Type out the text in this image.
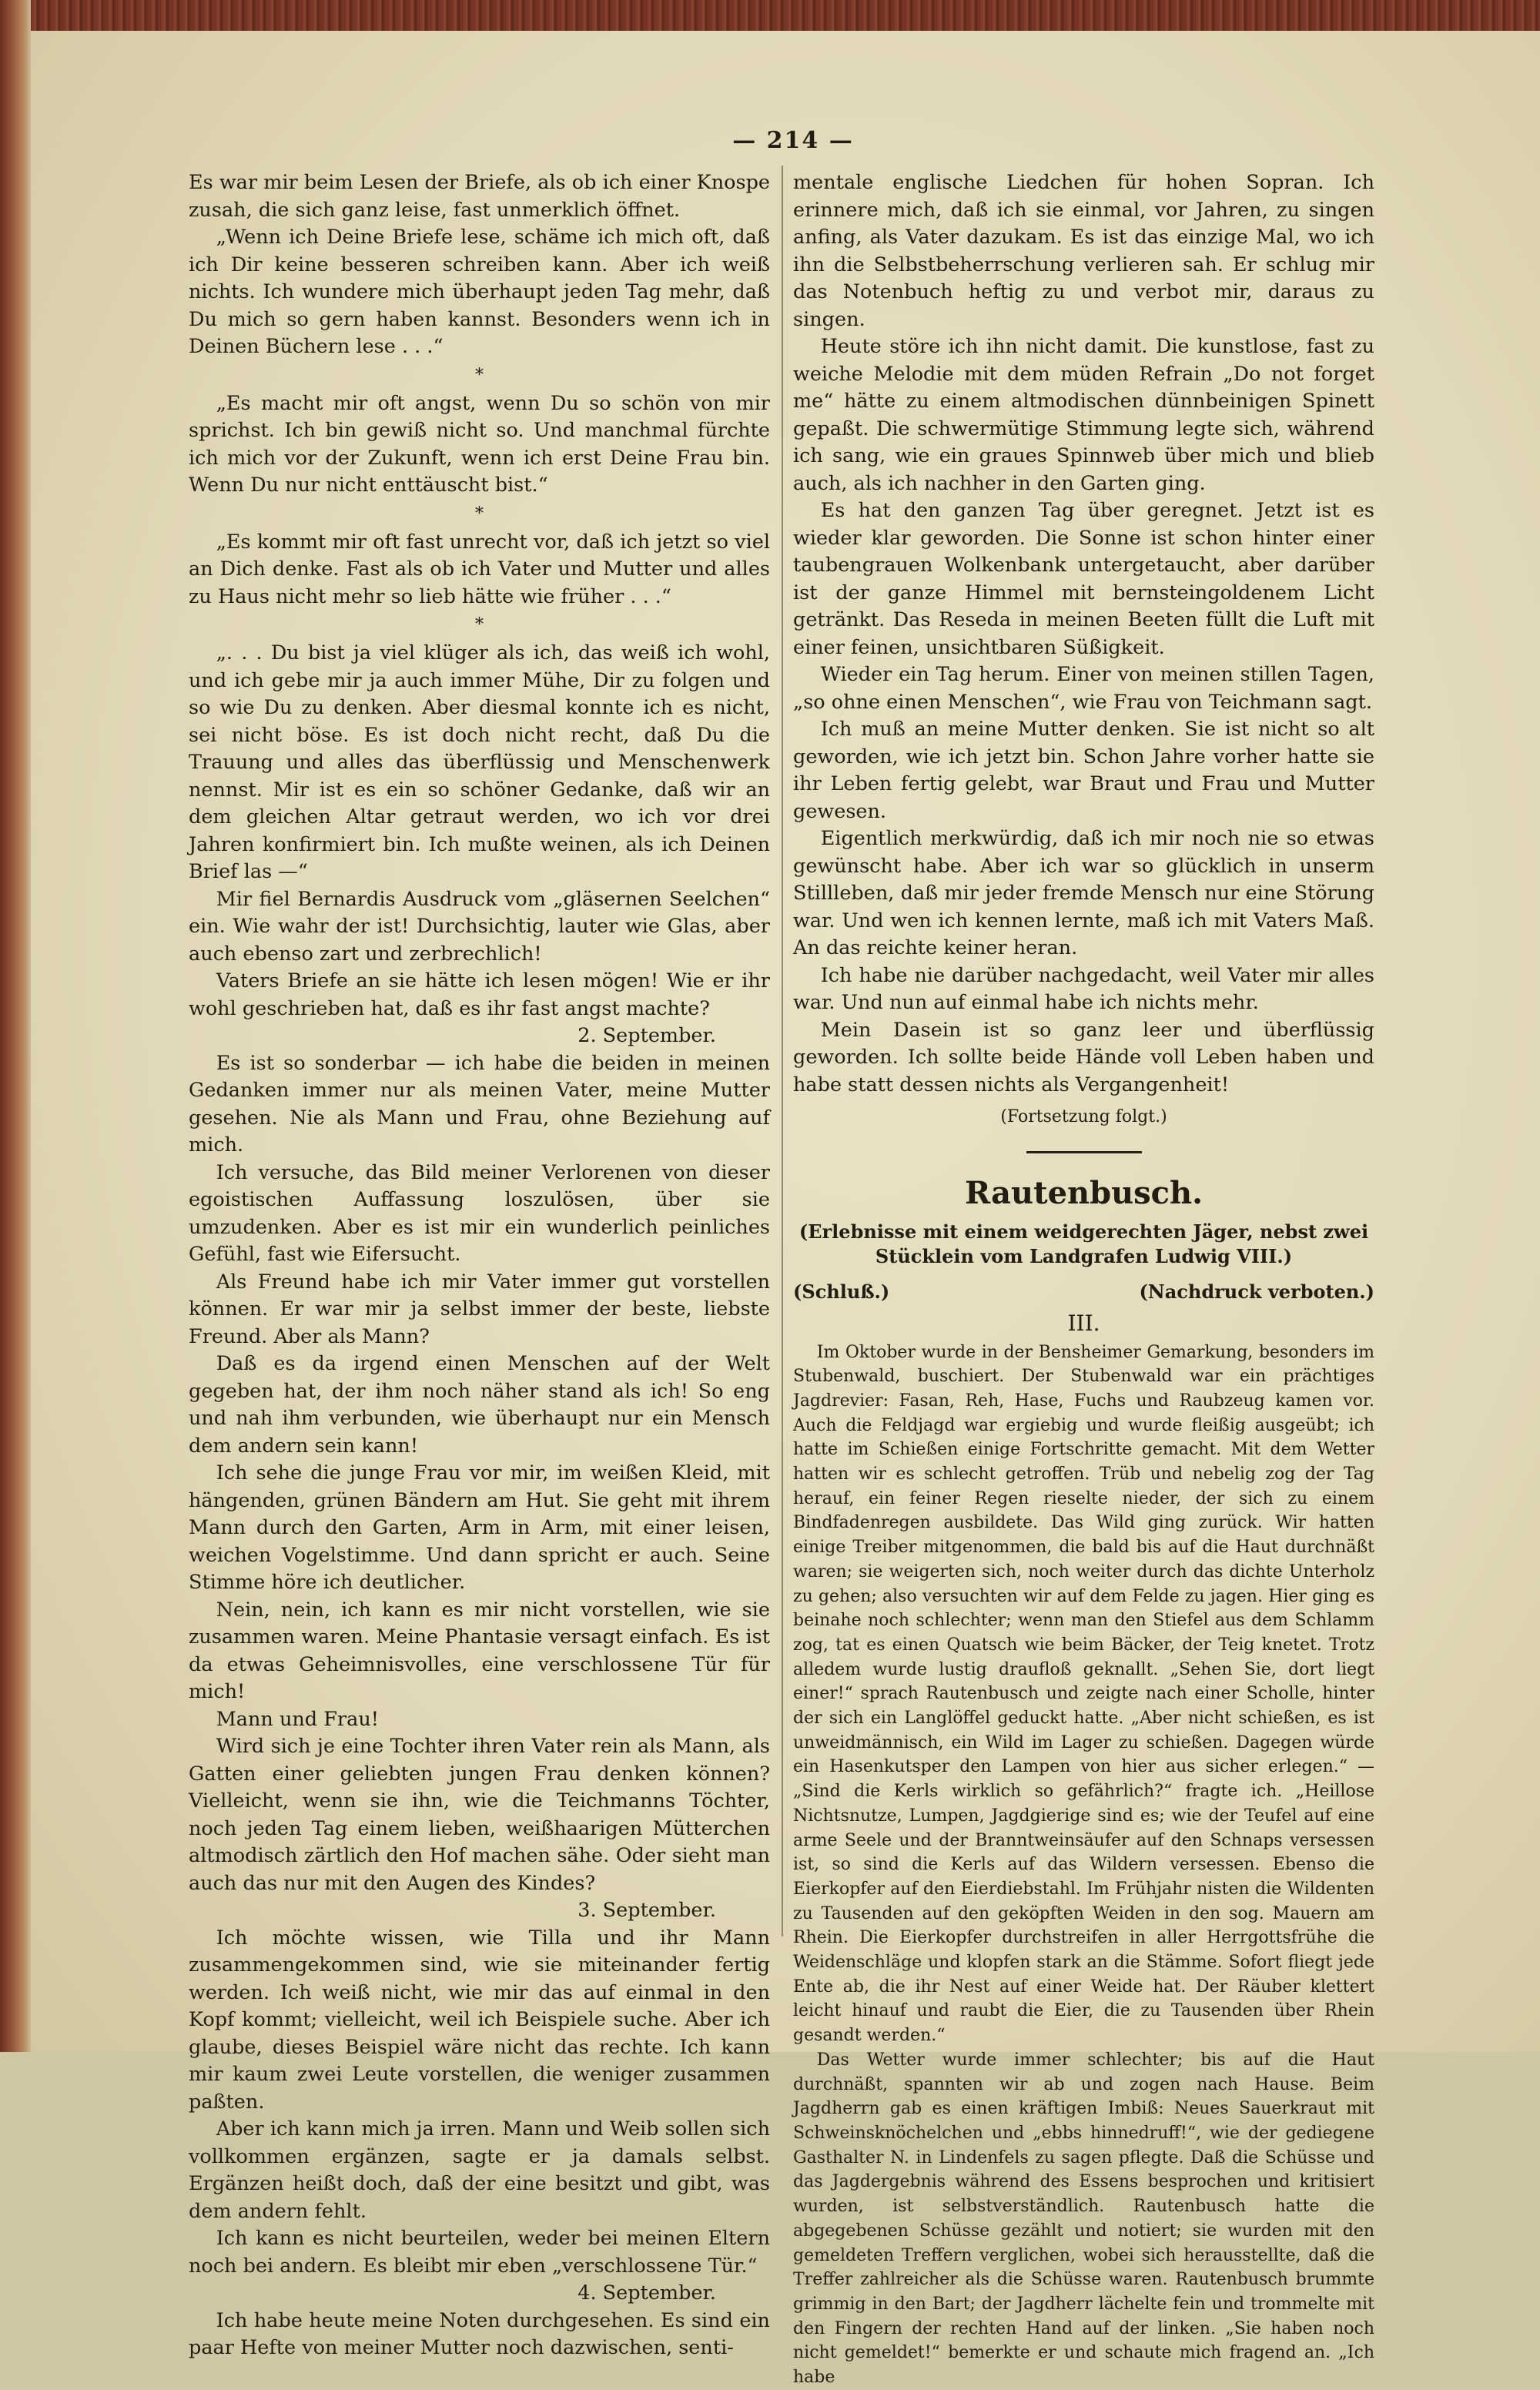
— 214 —

Es war mir beim Lesen der Briefe, als ob ich einer Knospe zusah, die sich ganz leise, fast unmerklich öffnet.

„Wenn ich Deine Briefe lese, schäme ich mich oft, daß ich Dir keine besseren schreiben kann. Aber ich weiß nichts. Ich wundere mich überhaupt jeden Tag mehr, daß Du mich so gern haben kannst. Besonders wenn ich in Deinen Büchern lese . . .“

*

„Es macht mir oft angst, wenn Du so schön von mir sprichst. Ich bin gewiß nicht so. Und manchmal fürchte ich mich vor der Zukunft, wenn ich erst Deine Frau bin. Wenn Du nur nicht enttäuscht bist.“

*

„Es kommt mir oft fast unrecht vor, daß ich jetzt so viel an Dich denke. Fast als ob ich Vater und Mutter und alles zu Haus nicht mehr so lieb hätte wie früher . . .“

*

„. . . Du bist ja viel klüger als ich, das weiß ich wohl, und ich gebe mir ja auch immer Mühe, Dir zu folgen und so wie Du zu denken. Aber diesmal konnte ich es nicht, sei nicht böse. Es ist doch nicht recht, daß Du die Trauung und alles das überflüssig und Menschenwerk nennst. Mir ist es ein so schöner Gedanke, daß wir an dem gleichen Altar getraut werden, wo ich vor drei Jahren konfirmiert bin. Ich mußte weinen, als ich Deinen Brief las —“

Mir fiel Bernardis Ausdruck vom „gläsernen Seelchen“ ein. Wie wahr der ist! Durchsichtig, lauter wie Glas, aber auch ebenso zart und zerbrechlich!

Vaters Briefe an sie hätte ich lesen mögen! Wie er ihr wohl geschrieben hat, daß es ihr fast angst machte?

2. September.

Es ist so sonderbar — ich habe die beiden in meinen Gedanken immer nur als meinen Vater, meine Mutter gesehen. Nie als Mann und Frau, ohne Beziehung auf mich.

Ich versuche, das Bild meiner Verlorenen von dieser egoistischen Auffassung loszulösen, über sie umzudenken. Aber es ist mir ein wunderlich peinliches Gefühl, fast wie Eifersucht.

Als Freund habe ich mir Vater immer gut vorstellen können. Er war mir ja selbst immer der beste, liebste Freund. Aber als Mann?

Daß es da irgend einen Menschen auf der Welt gegeben hat, der ihm noch näher stand als ich! So eng und nah ihm verbunden, wie überhaupt nur ein Mensch dem andern sein kann!

Ich sehe die junge Frau vor mir, im weißen Kleid, mit hängenden, grünen Bändern am Hut. Sie geht mit ihrem Mann durch den Garten, Arm in Arm, mit einer leisen, weichen Vogelstimme. Und dann spricht er auch. Seine Stimme höre ich deutlicher.

Nein, nein, ich kann es mir nicht vorstellen, wie sie zusammen waren. Meine Phantasie versagt einfach. Es ist da etwas Geheimnisvolles, eine verschlossene Tür für mich!

Mann und Frau!

Wird sich je eine Tochter ihren Vater rein als Mann, als Gatten einer geliebten jungen Frau denken können? Vielleicht, wenn sie ihn, wie die Teichmanns Töchter, noch jeden Tag einem lieben, weißhaarigen Mütterchen altmodisch zärtlich den Hof machen sähe. Oder sieht man auch das nur mit den Augen des Kindes?

3. September.

Ich möchte wissen, wie Tilla und ihr Mann zusammengekommen sind, wie sie miteinander fertig werden. Ich weiß nicht, wie mir das auf einmal in den Kopf kommt; vielleicht, weil ich Beispiele suche. Aber ich glaube, dieses Beispiel wäre nicht das rechte. Ich kann mir kaum zwei Leute vorstellen, die weniger zusammen paßten.

Aber ich kann mich ja irren. Mann und Weib sollen sich vollkommen ergänzen, sagte er ja damals selbst. Ergänzen heißt doch, daß der eine besitzt und gibt, was dem andern fehlt.

Ich kann es nicht beurteilen, weder bei meinen Eltern noch bei andern. Es bleibt mir eben „verschlossene Tür.“

4. September.

Ich habe heute meine Noten durchgesehen. Es sind ein paar Hefte von meiner Mutter noch dazwischen, senti-

mentale englische Liedchen für hohen Sopran. Ich erinnere mich, daß ich sie einmal, vor Jahren, zu singen anfing, als Vater dazukam. Es ist das einzige Mal, wo ich ihn die Selbstbeherrschung verlieren sah. Er schlug mir das Notenbuch heftig zu und verbot mir, daraus zu singen.

Heute störe ich ihn nicht damit. Die kunstlose, fast zu weiche Melodie mit dem müden Refrain „Do not forget me“ hätte zu einem altmodischen dünnbeinigen Spinett gepaßt. Die schwermütige Stimmung legte sich, während ich sang, wie ein graues Spinnweb über mich und blieb auch, als ich nachher in den Garten ging.

Es hat den ganzen Tag über geregnet. Jetzt ist es wieder klar geworden. Die Sonne ist schon hinter einer taubengrauen Wolkenbank untergetaucht, aber darüber ist der ganze Himmel mit bernsteingoldenem Licht getränkt. Das Reseda in meinen Beeten füllt die Luft mit einer feinen, unsichtbaren Süßigkeit.

Wieder ein Tag herum. Einer von meinen stillen Tagen, „so ohne einen Menschen“, wie Frau von Teichmann sagt.

Ich muß an meine Mutter denken. Sie ist nicht so alt geworden, wie ich jetzt bin. Schon Jahre vorher hatte sie ihr Leben fertig gelebt, war Braut und Frau und Mutter gewesen.

Eigentlich merkwürdig, daß ich mir noch nie so etwas gewünscht habe. Aber ich war so glücklich in unserm Stillleben, daß mir jeder fremde Mensch nur eine Störung war. Und wen ich kennen lernte, maß ich mit Vaters Maß. An das reichte keiner heran.

Ich habe nie darüber nachgedacht, weil Vater mir alles war. Und nun auf einmal habe ich nichts mehr.

Mein Dasein ist so ganz leer und überflüssig geworden. Ich sollte beide Hände voll Leben haben und habe statt dessen nichts als Vergangenheit!

(Fortsetzung folgt.)
Rautenbusch.
(Erlebnisse mit einem weidgerechten Jäger, nebst zwei Stücklein vom Landgrafen Ludwig VIII.)
(Schluß.)	(Nachdruck verboten.)
III.

Im Oktober wurde in der Bensheimer Gemarkung, besonders im Stubenwald, buschiert. Der Stubenwald war ein prächtiges Jagdrevier: Fasan, Reh, Hase, Fuchs und Raubzeug kamen vor. Auch die Feldjagd war ergiebig und wurde fleißig ausgeübt; ich hatte im Schießen einige Fortschritte gemacht. Mit dem Wetter hatten wir es schlecht getroffen. Trüb und nebelig zog der Tag herauf, ein feiner Regen rieselte nieder, der sich zu einem Bindfadenregen ausbildete. Das Wild ging zurück. Wir hatten einige Treiber mitgenommen, die bald bis auf die Haut durchnäßt waren; sie weigerten sich, noch weiter durch das dichte Unterholz zu gehen; also versuchten wir auf dem Felde zu jagen. Hier ging es beinahe noch schlechter; wenn man den Stiefel aus dem Schlamm zog, tat es einen Quatsch wie beim Bäcker, der Teig knetet. Trotz alledem wurde lustig draufloß geknallt. „Sehen Sie, dort liegt einer!“ sprach Rautenbusch und zeigte nach einer Scholle, hinter der sich ein Langlöffel geduckt hatte. „Aber nicht schießen, es ist unweidmännisch, ein Wild im Lager zu schießen. Dagegen würde ein Hasenkutsper den Lampen von hier aus sicher erlegen.“ — „Sind die Kerls wirklich so gefährlich?“ fragte ich. „Heillose Nichtsnutze, Lumpen, Jagdgierige sind es; wie der Teufel auf eine arme Seele und der Branntweinsäufer auf den Schnaps versessen ist, so sind die Kerls auf das Wildern versessen. Ebenso die Eierkopfer auf den Eierdiebstahl. Im Frühjahr nisten die Wildenten zu Tausenden auf den geköpften Weiden in den sog. Mauern am Rhein. Die Eierkopfer durchstreifen in aller Herrgottsfrühe die Weidenschläge und klopfen stark an die Stämme. Sofort fliegt jede Ente ab, die ihr Nest auf einer Weide hat. Der Räuber klettert leicht hinauf und raubt die Eier, die zu Tausenden über Rhein gesandt werden.“

Das Wetter wurde immer schlechter; bis auf die Haut durchnäßt, spannten wir ab und zogen nach Hause. Beim Jagdherrn gab es einen kräftigen Imbiß: Neues Sauerkraut mit Schweinsknöchelchen und „ebbs hinnedruff!“, wie der gediegene Gasthalter N. in Lindenfels zu sagen pflegte. Daß die Schüsse und das Jagdergebnis während des Essens besprochen und kritisiert wurden, ist selbstverständlich. Rautenbusch hatte die abgegebenen Schüsse gezählt und notiert; sie wurden mit den gemeldeten Treffern verglichen, wobei sich herausstellte, daß die Treffer zahlreicher als die Schüsse waren. Rautenbusch brummte grimmig in den Bart; der Jagdherr lächelte fein und trommelte mit den Fingern der rechten Hand auf der linken. „Sie haben noch nicht gemeldet!“ bemerkte er und schaute mich fragend an. „Ich habe
